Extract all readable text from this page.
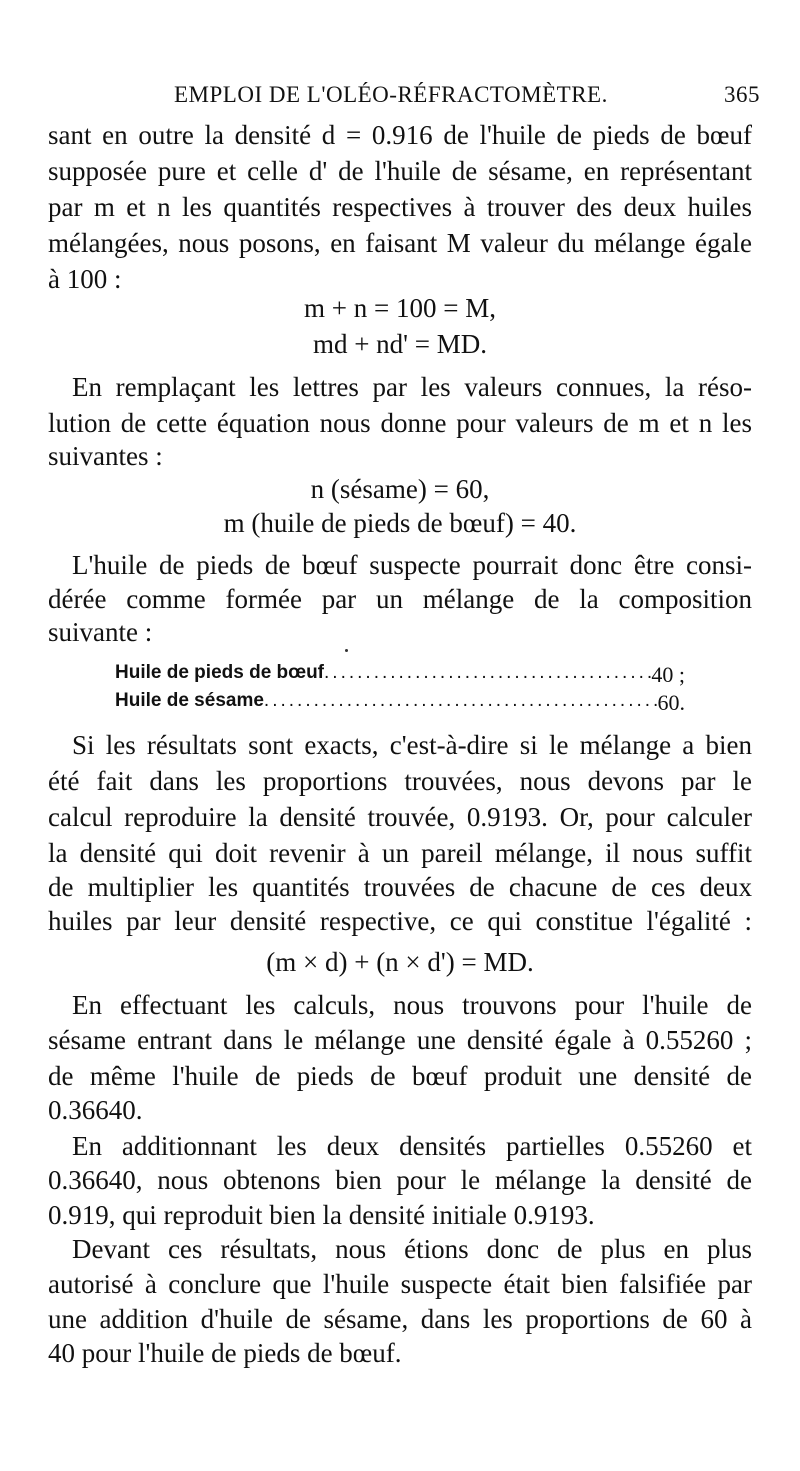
EMPLOI DE L'OLÉO-RÉFRACTOMÈTRE.	365
sant en outre la densité d = 0.916 de l'huile de pieds de bœuf
supposée pure et celle d' de l'huile de sésame, en représentant
par m et n les quantités respectives à trouver des deux huiles
mélangées, nous posons, en faisant M valeur du mélange égale
à 100 :
m + n = 100 = M,
md + nd' = MD.
En remplaçant les lettres par les valeurs connues, la réso-
lution de cette équation nous donne pour valeurs de m et n les
suivantes :
n (sésame) = 60,
m (huile de pieds de bœuf) = 40.
L'huile de pieds de bœuf suspecte pourrait donc être consi-
dérée comme formée par un mélange de la composition
suivante :
Huile de pieds de bœuf .....	40 ;
Huile de sésame .....	60.
Si les résultats sont exacts, c'est-à-dire si le mélange a bien
été fait dans les proportions trouvées, nous devons par le
calcul reproduire la densité trouvée, 0.9193. Or, pour calculer
la densité qui doit revenir à un pareil mélange, il nous suffit
de multiplier les quantités trouvées de chacune de ces deux
huiles par leur densité respective, ce qui constitue l'égalité :
(m × d) + (n × d') = MD.
En effectuant les calculs, nous trouvons pour l'huile de
sésame entrant dans le mélange une densité égale à 0.55260 ;
de même l'huile de pieds de bœuf produit une densité de
0.36640.
En additionnant les deux densités partielles 0.55260 et
0.36640, nous obtenons bien pour le mélange la densité de
0.919, qui reproduit bien la densité initiale 0.9193.
Devant ces résultats, nous étions donc de plus en plus
autorisé à conclure que l'huile suspecte était bien falsifiée par
une addition d'huile de sésame, dans les proportions de 60 à
40 pour l'huile de pieds de bœuf.
